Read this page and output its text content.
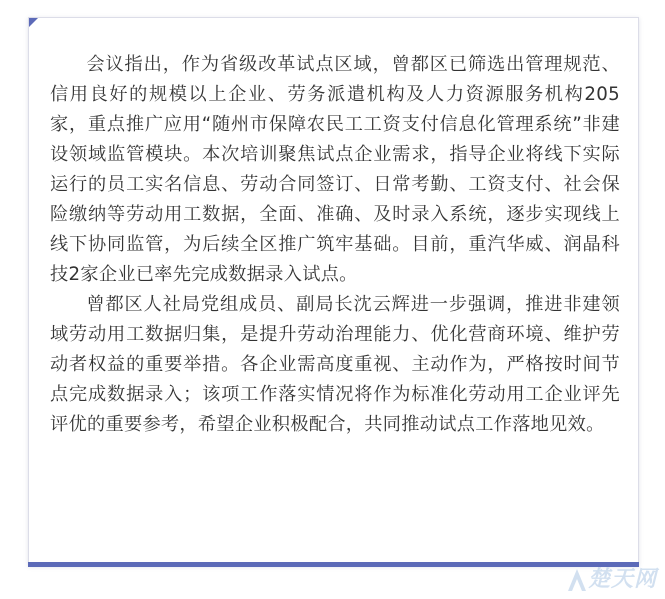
会议指出，作为省级改革试点区域，曾都区已筛选出管理规范、信用良好的规模以上企业、劳务派遣机构及人力资源服务机构205家，重点推广应用“随州市保障农民工工资支付信息化管理系统”非建设领域监管模块。本次培训聚焦试点企业需求，指导企业将线下实际运行的员工实名信息、劳动合同签订、日常考勤、工资支付、社会保险缴纳等劳动用工数据，全面、准确、及时录入系统，逐步实现线上线下协同监管，为后续全区推广筑牢基础。目前，重汽华威、润晶科技2家企业已率先完成数据录入试点。

曾都区人社局党组成员、副局长沈云辉进一步强调，推进非建领域劳动用工数据归集，是提升劳动治理能力、优化营商环境、维护劳动者权益的重要举措。各企业需高度重视、主动作为，严格按时间节点完成数据录入；该项工作落实情况将作为标准化劳动用工企业评先评优的重要参考，希望企业积极配合，共同推动试点工作落地见效。

楚天网
